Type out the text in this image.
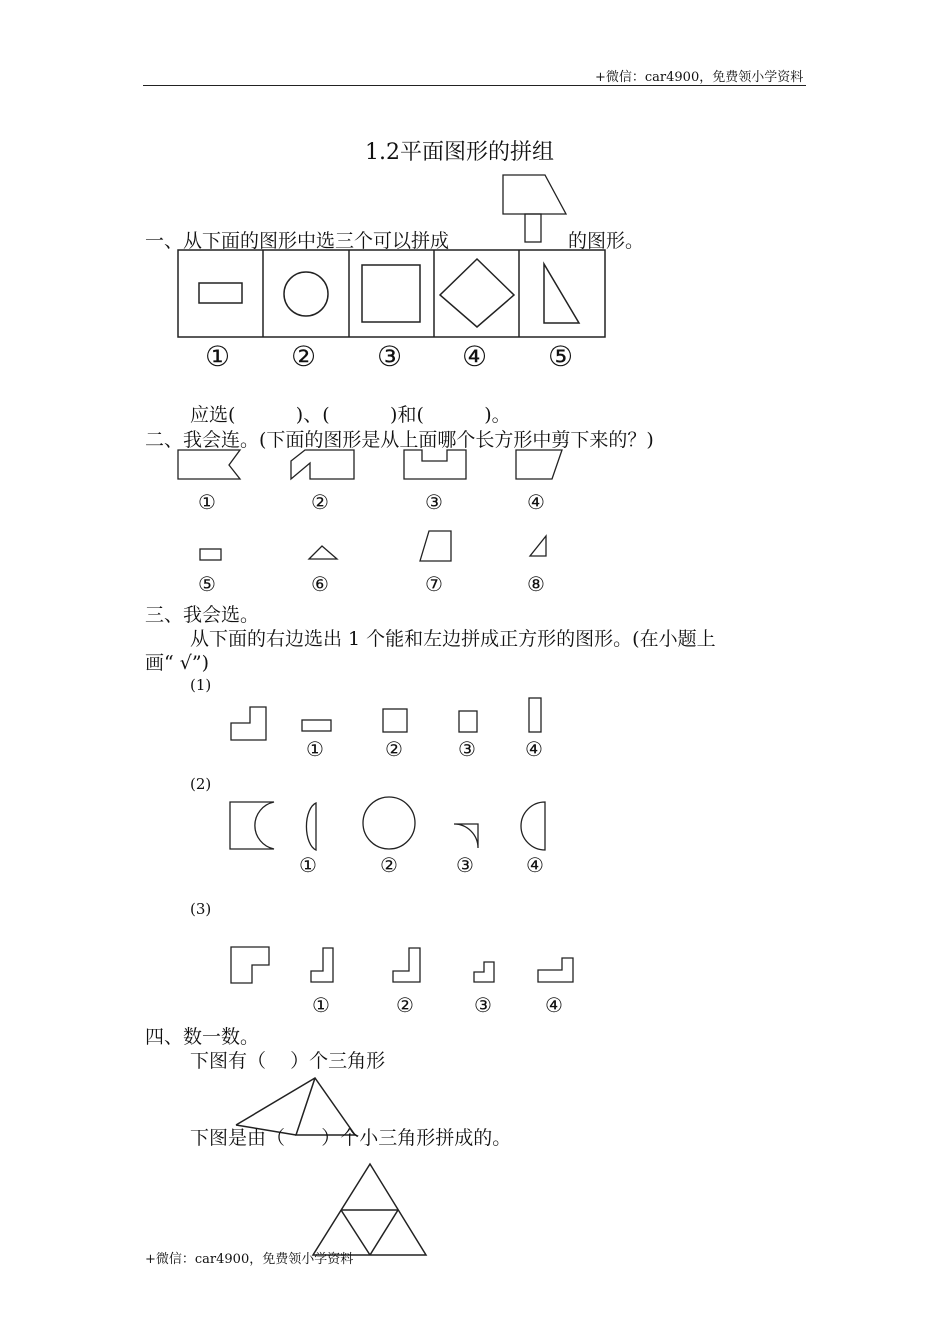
+微信：car4900，免费领小学资料
1.2平面图形的拼组
一、从下面的图形中选三个可以拼成	的图形。
① ② ③ ④ ⑤
应选(          )、(          )和(          )。
二、我会连。(下面的图形是从上面哪个长方形中剪下来的？)
①	②	③	④
⑤	⑥	⑦	⑧
三、我会选。
从下面的右边选出 1 个能和左边拼成正方形的图形。(在小题上
画“ √”)
(1)
①	②	③ ④
(2)
①	②	③	④
(3)
①	②	③	④
四、数一数。
下图有（    ）个三角形
下图是由（      ）个小三角形拼成的。
+微信：car4900，免费领小学资料
